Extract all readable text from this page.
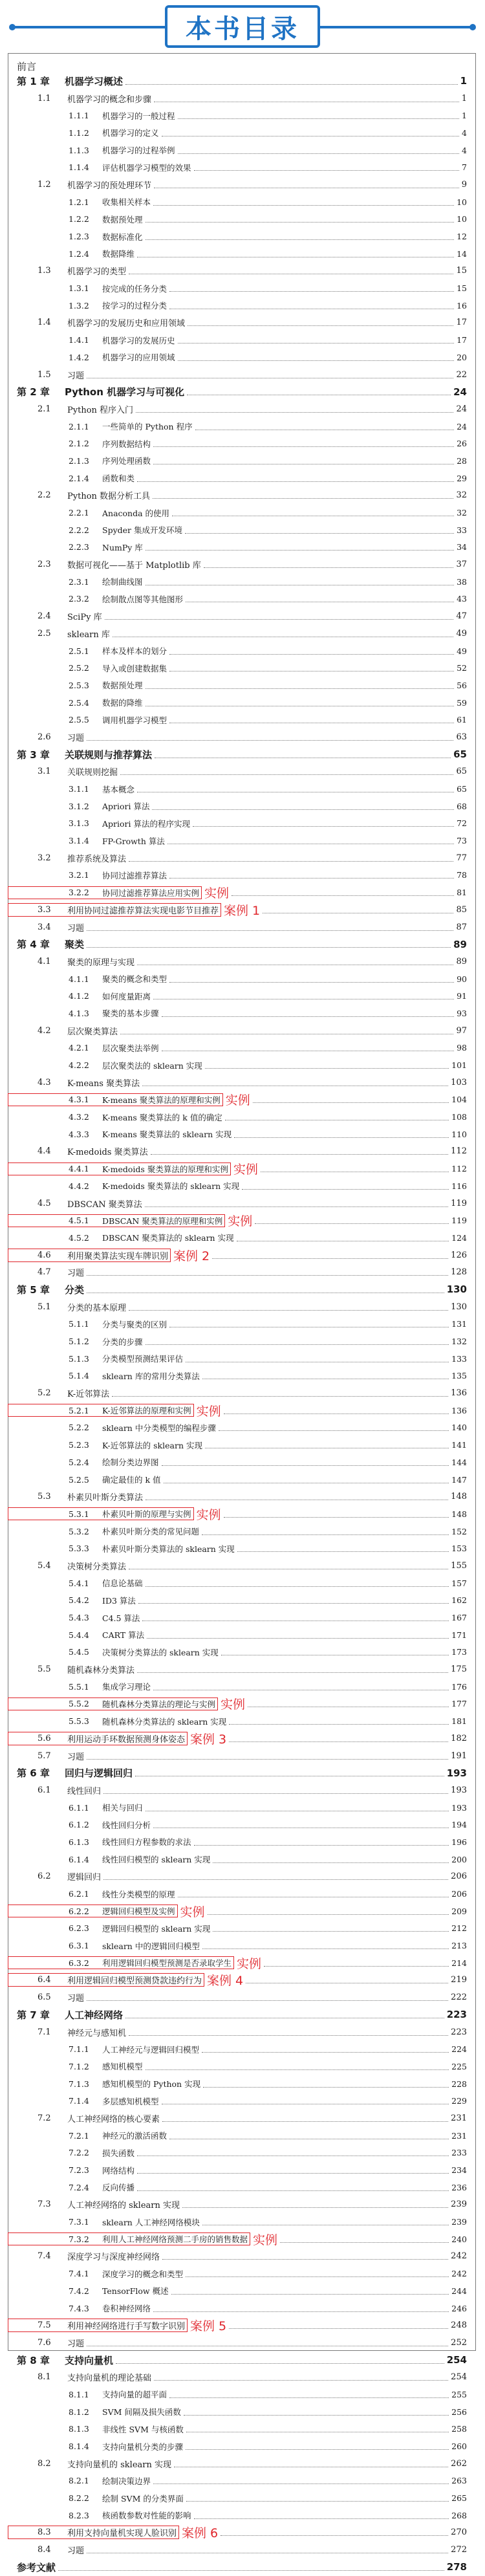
本书目录
前言
第 1 章	机器学习概述	1
1.1	机器学习的概念和步骤	1
1.1.1	机器学习的一般过程	1
1.1.2	机器学习的定义	4
1.1.3	机器学习的过程举例	4
1.1.4	评估机器学习模型的效果	7
1.2	机器学习的预处理环节	9
1.2.1	收集相关样本	10
1.2.2	数据预处理	10
1.2.3	数据标准化	12
1.2.4	数据降维	14
1.3	机器学习的类型	15
1.3.1	按完成的任务分类	15
1.3.2	按学习的过程分类	16
1.4	机器学习的发展历史和应用领域	17
1.4.1	机器学习的发展历史	17
1.4.2	机器学习的应用领域	20
1.5	习题	22
第 2 章	Python 机器学习与可视化	24
2.1	Python 程序入门	24
2.1.1	一些简单的 Python 程序	24
2.1.2	序列数据结构	26
2.1.3	序列处理函数	28
2.1.4	函数和类	29
2.2	Python 数据分析工具	32
2.2.1	Anaconda 的使用	32
2.2.2	Spyder 集成开发环境	33
2.2.3	NumPy 库	34
2.3	数据可视化——基于 Matplotlib 库	37
2.3.1	绘制曲线图	38
2.3.2	绘制散点图等其他图形	43
2.4	SciPy 库	47
2.5	sklearn 库	49
2.5.1	样本及样本的划分	49
2.5.2	导入或创建数据集	52
2.5.3	数据预处理	56
2.5.4	数据的降维	59
2.5.5	调用机器学习模型	61
2.6	习题	63
第 3 章	关联规则与推荐算法	65
3.1	关联规则挖掘	65
3.1.1	基本概念	65
3.1.2	Apriori 算法	68
3.1.3	Apriori 算法的程序实现	72
3.1.4	FP-Growth 算法	73
3.2	推荐系统及算法	77
3.2.1	协同过滤推荐算法	78
3.2.2	协同过滤推荐算法应用实例 实例	81
3.3	利用协同过滤推荐算法实现电影节目推荐 案例 1	85
3.4	习题	87
第 4 章	聚类	89
4.1	聚类的原理与实现	89
4.1.1	聚类的概念和类型	90
4.1.2	如何度量距离	91
4.1.3	聚类的基本步骤	93
4.2	层次聚类算法	97
4.2.1	层次聚类法举例	98
4.2.2	层次聚类法的 sklearn 实现	101
4.3	K-means 聚类算法	103
4.3.1	K-means 聚类算法的原理和实例 实例	104
4.3.2	K-means 聚类算法的 k 值的确定	108
4.3.3	K-means 聚类算法的 sklearn 实现	110
4.4	K-medoids 聚类算法	112
4.4.1	K-medoids 聚类算法的原理和实例 实例	112
4.4.2	K-medoids 聚类算法的 sklearn 实现	116
4.5	DBSCAN 聚类算法	119
4.5.1	DBSCAN 聚类算法的原理和实例 实例	119
4.5.2	DBSCAN 聚类算法的 sklearn 实现	124
4.6	利用聚类算法实现车牌识别 案例 2	126
4.7	习题	128
第 5 章	分类	130
5.1	分类的基本原理	130
5.1.1	分类与聚类的区别	131
5.1.2	分类的步骤	132
5.1.3	分类模型预测结果评估	133
5.1.4	sklearn 库的常用分类算法	135
5.2	K-近邻算法	136
5.2.1	K-近邻算法的原理和实例 实例	136
5.2.2	sklearn 中分类模型的编程步骤	140
5.2.3	K-近邻算法的 sklearn 实现	141
5.2.4	绘制分类边界图	144
5.2.5	确定最佳的 k 值	147
5.3	朴素贝叶斯分类算法	148
5.3.1	朴素贝叶斯的原理与实例 实例	148
5.3.2	朴素贝叶斯分类的常见问题	152
5.3.3	朴素贝叶斯分类算法的 sklearn 实现	153
5.4	决策树分类算法	155
5.4.1	信息论基础	157
5.4.2	ID3 算法	162
5.4.3	C4.5 算法	167
5.4.4	CART 算法	171
5.4.5	决策树分类算法的 sklearn 实现	173
5.5	随机森林分类算法	175
5.5.1	集成学习理论	176
5.5.2	随机森林分类算法的理论与实例 实例	177
5.5.3	随机森林分类算法的 sklearn 实现	181
5.6	利用运动手环数据预测身体姿态 案例 3	182
5.7	习题	191
第 6 章	回归与逻辑回归	193
6.1	线性回归	193
6.1.1	相关与回归	193
6.1.2	线性回归分析	194
6.1.3	线性回归方程参数的求法	196
6.1.4	线性回归模型的 sklearn 实现	200
6.2	逻辑回归	206
6.2.1	线性分类模型的原理	206
6.2.2	逻辑回归模型及实例 实例	209
6.2.3	逻辑回归模型的 sklearn 实现	212
6.3.1	sklearn 中的逻辑回归模型	213
6.3.2	利用逻辑回归模型预测是否录取学生 实例	214
6.4	利用逻辑回归模型预测贷款违约行为 案例 4	219
6.5	习题	222
第 7 章	人工神经网络	223
7.1	神经元与感知机	223
7.1.1	人工神经元与逻辑回归模型	224
7.1.2	感知机模型	225
7.1.3	感知机模型的 Python 实现	228
7.1.4	多层感知机模型	229
7.2	人工神经网络的核心要素	231
7.2.1	神经元的激活函数	231
7.2.2	损失函数	233
7.2.3	网络结构	234
7.2.4	反向传播	236
7.3	人工神经网络的 sklearn 实现	239
7.3.1	sklearn 人工神经网络模块	239
7.3.2	利用人工神经网络预测二手房的销售数据 实例	240
7.4	深度学习与深度神经网络	242
7.4.1	深度学习的概念和类型	242
7.4.2	TensorFlow 概述	244
7.4.3	卷积神经网络	246
7.5	利用神经网络进行手写数字识别 案例 5	248
7.6	习题	252
第 8 章	支持向量机	254
8.1	支持向量机的理论基础	254
8.1.1	支持向量的超平面	255
8.1.2	SVM 间隔及损失函数	256
8.1.3	非线性 SVM 与核函数	258
8.1.4	支持向量机分类的步骤	260
8.2	支持向量机的 sklearn 实现	262
8.2.1	绘制决策边界	263
8.2.2	绘制 SVM 的分类界面	265
8.2.3	核函数参数对性能的影响	268
8.3	利用支持向量机实现人脸识别 案例 6	270
8.4	习题	272
参考文献	278
